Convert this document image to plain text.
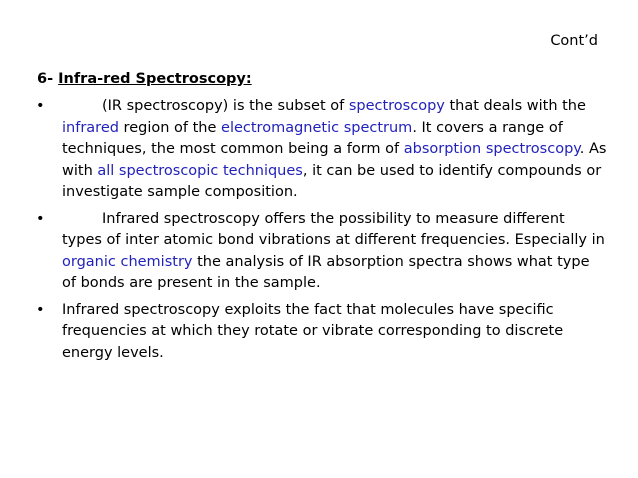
Cont’d
6- Infra-red Spectroscopy:
•	(IR spectroscopy) is the subset of spectroscopy that deals with the infrared region of the electromagnetic spectrum. It covers a range of techniques, the most common being a form of absorption spectroscopy. As with all spectroscopic techniques, it can be used to identify compounds or investigate sample composition.
•	Infrared spectroscopy offers the possibility to measure different types of inter atomic bond vibrations at different frequencies. Especially in organic chemistry the analysis of IR absorption spectra shows what type of bonds are present in the sample.
• Infrared spectroscopy exploits the fact that molecules have specific frequencies at which they rotate or vibrate corresponding to discrete energy levels.
